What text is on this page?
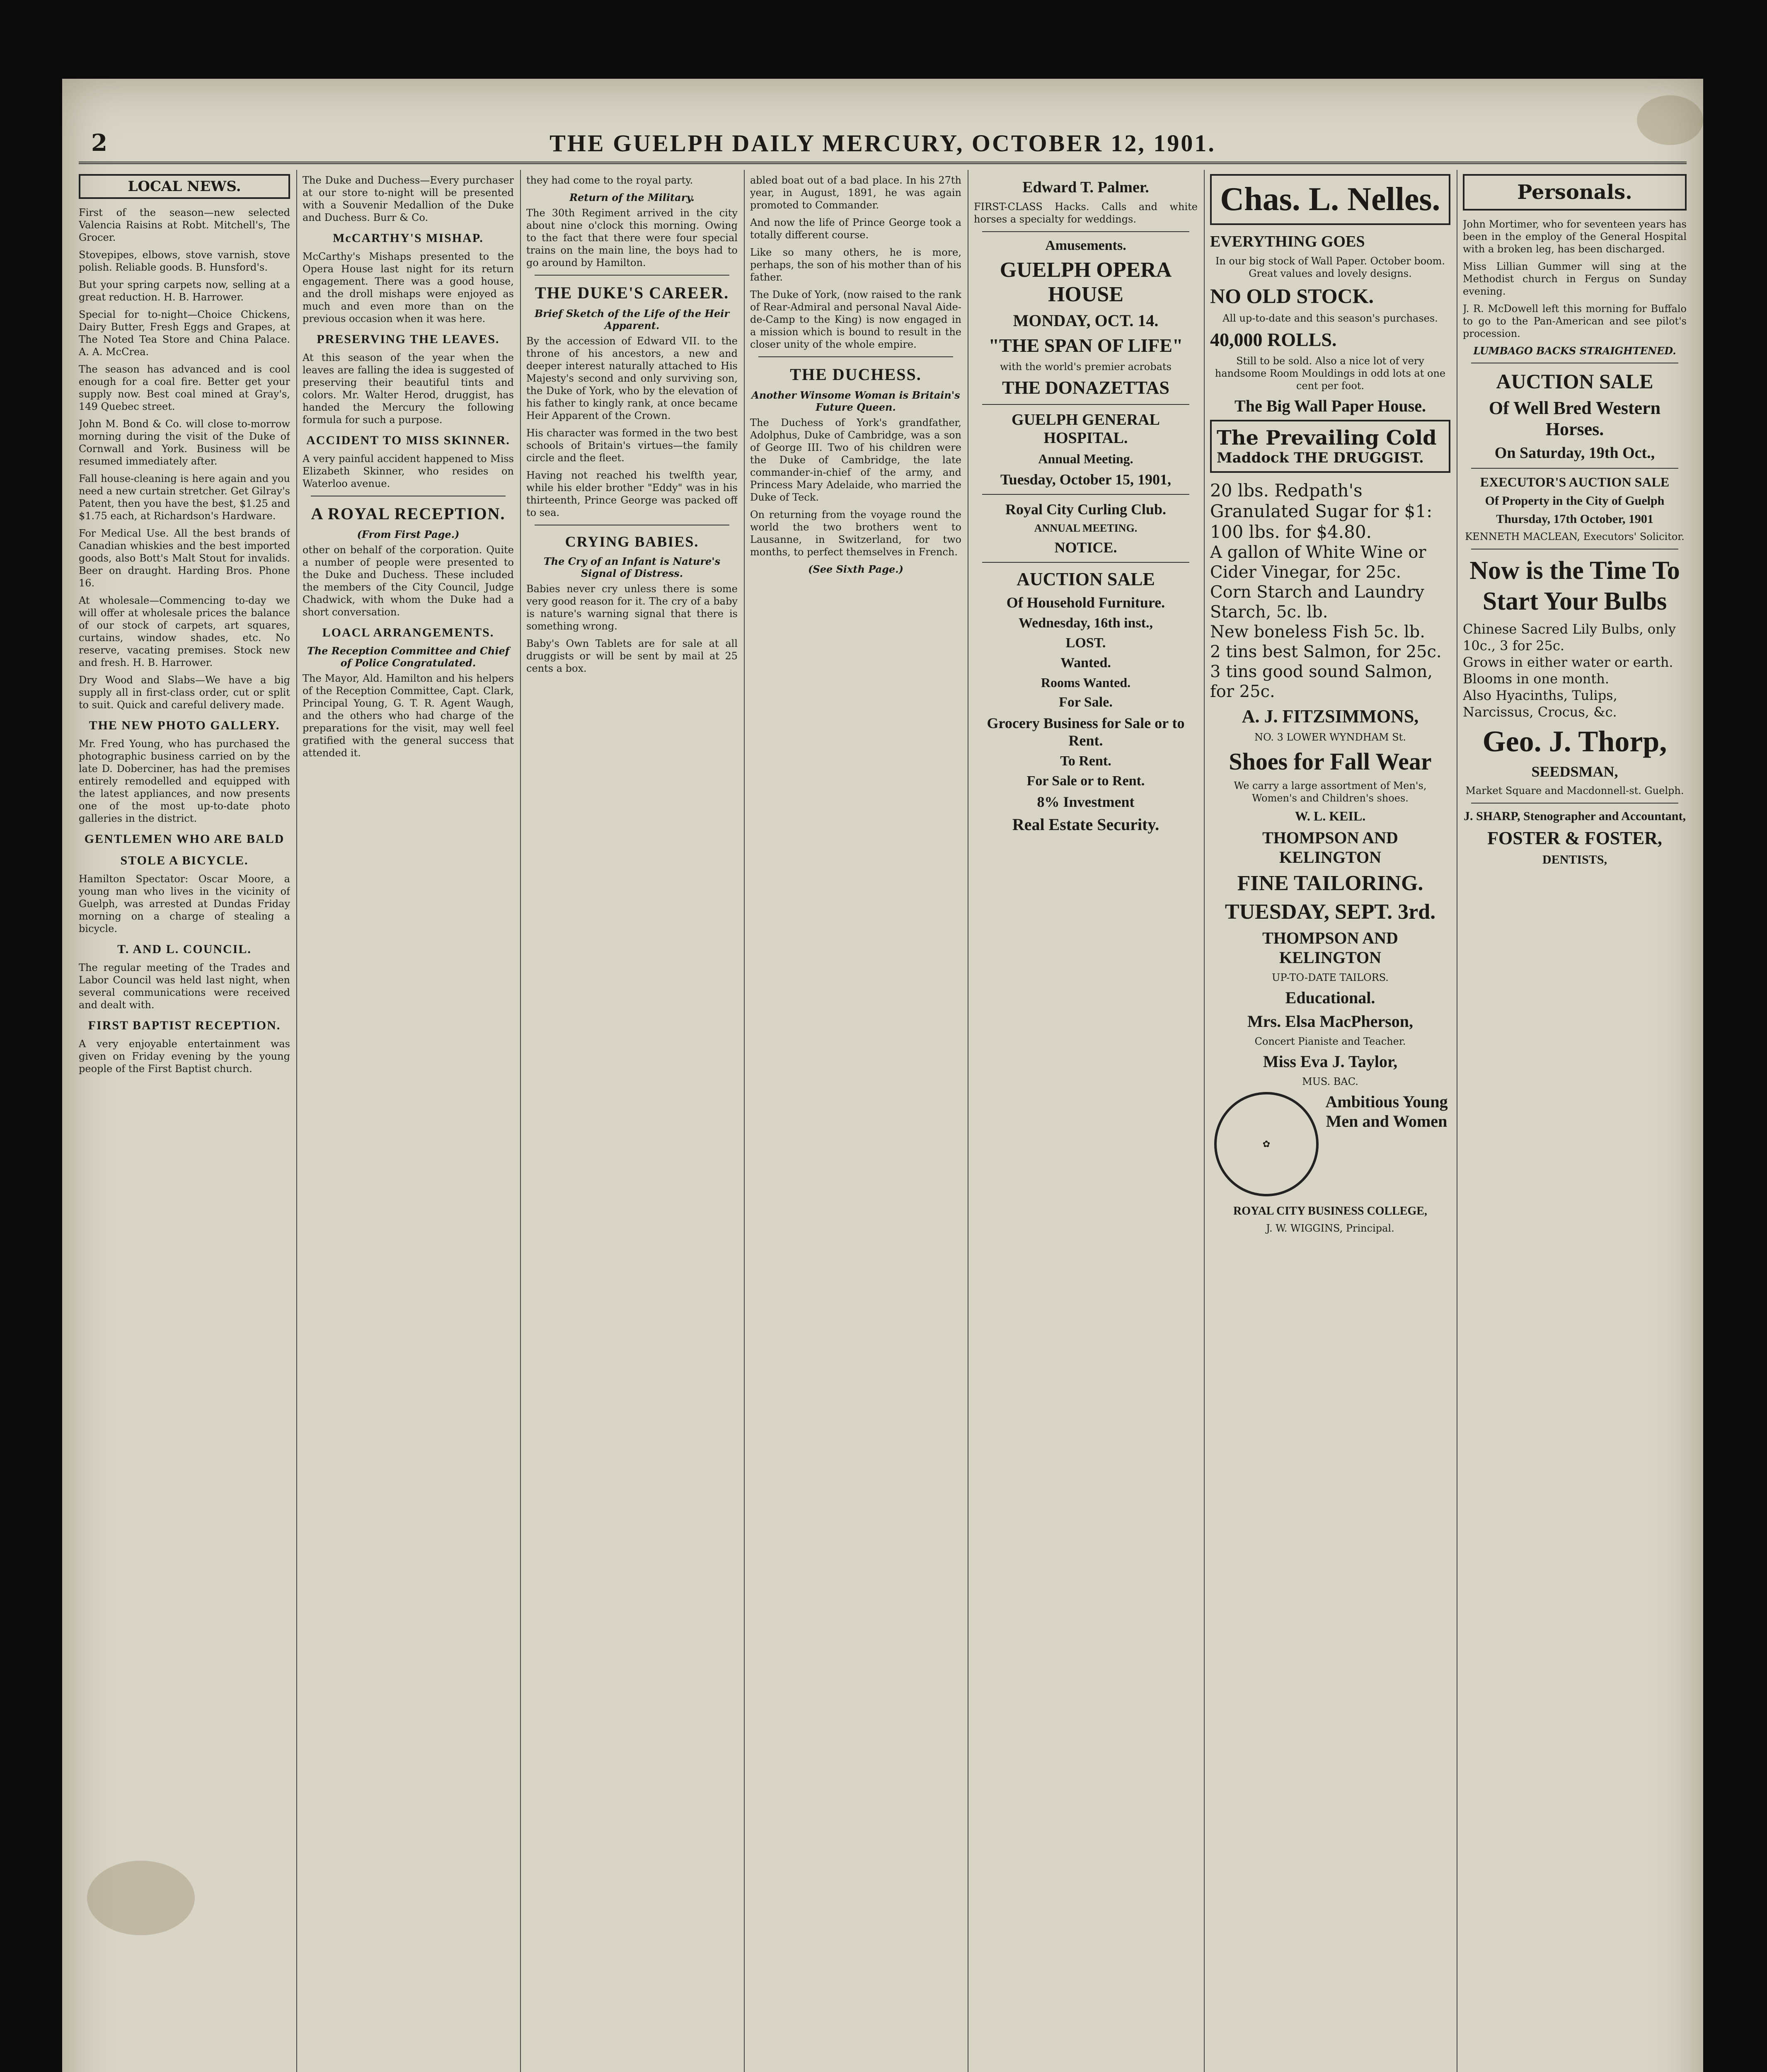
2	THE GUELPH DAILY MERCURY, OCTOBER 12, 1901.
LOCAL NEWS.

First of the season—new selected Valencia Raisins at Robt. Mitchell's, The Grocer.

Stovepipes, elbows, stove varnish, stove polish. Reliable goods. B. Hunsford's.

But your spring carpets now, selling at a great reduction. H. B. Harrower.

Special for to-night—Choice Chickens, Dairy Butter, Fresh Eggs and Grapes, at The Noted Tea Store and China Palace. A. A. McCrea.

The season has advanced and is cool enough for a coal fire. Better get your supply now. Best coal mined at Gray's, 149 Quebec street.

John M. Bond & Co. will close to-morrow morning during the visit of the Duke of Cornwall and York. Business will be resumed immediately after.

Fall house-cleaning is here again and you need a new curtain stretcher. Get Gilray's Patent, then you have the best, $1.25 and $1.75 each, at Richardson's Hardware.

For Medical Use. All the best brands of Canadian whiskies and the best imported goods, also Bott's Malt Stout for invalids. Beer on draught. Harding Bros. Phone 16.

At wholesale—Commencing to-day we will offer at wholesale prices the balance of our stock of carpets, art squares, curtains, window shades, etc. No reserve, vacating premises. Stock new and fresh. H. B. Harrower.

Dry Wood and Slabs—We have a big supply all in first-class order, cut or split to suit. Quick and careful delivery made.

THE NEW PHOTO GALLERY.

Mr. Fred Young, who has purchased the photographic business carried on by the late D. Doberciner, has had the premises entirely remodelled and equipped with the latest appliances, and now presents one of the most up-to-date photo galleries in the district.

GENTLEMEN WHO ARE BALD
STOLE A BICYCLE.

Hamilton Spectator: Oscar Moore, a young man who lives in the vicinity of Guelph, was arrested at Dundas Friday morning on a charge of stealing a bicycle.

T. AND L. COUNCIL.

The regular meeting of the Trades and Labor Council was held last night, when several communications were received and dealt with.

FIRST BAPTIST RECEPTION.

A very enjoyable entertainment was given on Friday evening by the young people of the First Baptist church.

The Duke and Duchess—Every purchaser at our store to-night will be presented with a Souvenir Medallion of the Duke and Duchess. Burr & Co.

McCARTHY'S MISHAP.

McCarthy's Mishaps presented to the Opera House last night for its return engagement. There was a good house, and the droll mishaps were enjoyed as much and even more than on the previous occasion when it was here.

PRESERVING THE LEAVES.

At this season of the year when the leaves are falling the idea is suggested of preserving their beautiful tints and colors. Mr. Walter Herod, druggist, has handed the Mercury the following formula for such a purpose.

ACCIDENT TO MISS SKINNER.

A very painful accident happened to Miss Elizabeth Skinner, who resides on Waterloo avenue.

A ROYAL RECEPTION.
(From First Page.)

other on behalf of the corporation. Quite a number of people were presented to the Duke and Duchess. These included the members of the City Council, Judge Chadwick, with whom the Duke had a short conversation.

LOACL ARRANGEMENTS.
The Reception Committee and Chief of Police Congratulated.

The Mayor, Ald. Hamilton and his helpers of the Reception Committee, Capt. Clark, Principal Young, G. T. R. Agent Waugh, and the others who had charge of the preparations for the visit, may well feel gratified with the general success that attended it.

they had come to the royal party.

Return of the Military.

The 30th Regiment arrived in the city about nine o'clock this morning. Owing to the fact that there were four special trains on the main line, the boys had to go around by Hamilton.

THE DUKE'S CAREER.
Brief Sketch of the Life of the Heir Apparent.

By the accession of Edward VII. to the throne of his ancestors, a new and deeper interest naturally attached to His Majesty's second and only surviving son, the Duke of York, who by the elevation of his father to kingly rank, at once became Heir Apparent of the Crown.

His character was formed in the two best schools of Britain's virtues—the family circle and the fleet.

Having not reached his twelfth year, while his elder brother "Eddy" was in his thirteenth, Prince George was packed off to sea.

CRYING BABIES.
The Cry of an Infant is Nature's Signal of Distress.

Babies never cry unless there is some very good reason for it. The cry of a baby is nature's warning signal that there is something wrong.

Baby's Own Tablets are for sale at all druggists or will be sent by mail at 25 cents a box.

abled boat out of a bad place. In his 27th year, in August, 1891, he was again promoted to Commander.

And now the life of Prince George took a totally different course.

Like so many others, he is more, perhaps, the son of his mother than of his father.

The Duke of York, (now raised to the rank of Rear-Admiral and personal Naval Aide-de-Camp to the King) is now engaged in a mission which is bound to result in the closer unity of the whole empire.

THE DUCHESS.
Another Winsome Woman is Britain's Future Queen.

The Duchess of York's grandfather, Adolphus, Duke of Cambridge, was a son of George III. Two of his children were the Duke of Cambridge, the late commander-in-chief of the army, and Princess Mary Adelaide, who married the Duke of Teck.

On returning from the voyage round the world the two brothers went to Lausanne, in Switzerland, for two months, to perfect themselves in French.

(See Sixth Page.)
Edward T. Palmer.

FIRST-CLASS Hacks. Calls and white horses a specialty for weddings.

Amusements.
GUELPH OPERA HOUSE
MONDAY, OCT. 14.
"THE SPAN OF LIFE"
with the world's premier acrobats
THE DONAZETTAS
GUELPH GENERAL HOSPITAL.
Annual Meeting.
Tuesday, October 15, 1901,
Royal City Curling Club.
ANNUAL MEETING.
NOTICE.
AUCTION SALE
Of Household Furniture.
Wednesday, 16th inst.,
LOST.
Wanted.
Rooms Wanted.
For Sale.
Grocery Business for Sale or to Rent.
To Rent.
For Sale or to Rent.
8% Investment
Real Estate Security.
Chas. L. Nelles.
EVERYTHING GOES
In our big stock of Wall Paper. October boom. Great values and lovely designs.
NO OLD STOCK.
All up-to-date and this season's purchases.
40,000 ROLLS.
Still to be sold. Also a nice lot of very handsome Room Mouldings in odd lots at one cent per foot.
The Big Wall Paper House.
The Prevailing Cold
Maddock THE DRUGGIST.
20 lbs. Redpath's Granulated Sugar for $1: 100 lbs. for $4.80.
A gallon of White Wine or Cider Vinegar, for 25c.
Corn Starch and Laundry Starch, 5c. lb.
New boneless Fish 5c. lb.
2 tins best Salmon, for 25c.
3 tins good sound Salmon, for 25c.
A. J. FITZSIMMONS,
NO. 3 LOWER WYNDHAM St.
Shoes for Fall Wear
We carry a large assortment of Men's, Women's and Children's shoes.
W. L. KEIL.
THOMPSON AND KELINGTON
FINE TAILORING.
TUESDAY, SEPT. 3rd.
THOMPSON AND KELINGTON
UP-TO-DATE TAILORS.
Educational.
Mrs. Elsa MacPherson,
Concert Pianiste and Teacher.
Miss Eva J. Taylor,
MUS. BAC.
✿
Ambitious Young Men and Women
ROYAL CITY BUSINESS COLLEGE,
J. W. WIGGINS, Principal.
Personals.

John Mortimer, who for seventeen years has been in the employ of the General Hospital with a broken leg, has been discharged.

Miss Lillian Gummer will sing at the Methodist church in Fergus on Sunday evening.

J. R. McDowell left this morning for Buffalo to go to the Pan-American and see pilot's procession.

LUMBAGO BACKS STRAIGHTENED.
AUCTION SALE
Of Well Bred Western Horses.
On Saturday, 19th Oct.,
EXECUTOR'S AUCTION SALE
Of Property in the City of Guelph
Thursday, 17th October, 1901
KENNETH MACLEAN, Executors' Solicitor.
Now is the Time To Start Your Bulbs
Chinese Sacred Lily Bulbs, only 10c., 3 for 25c.
Grows in either water or earth.
Blooms in one month.
Also Hyacinths, Tulips, Narcissus, Crocus, &c.
Geo. J. Thorp,
SEEDSMAN,
Market Square and Macdonnell-st. Guelph.
J. SHARP, Stenographer and Accountant,
FOSTER & FOSTER,
DENTISTS,
